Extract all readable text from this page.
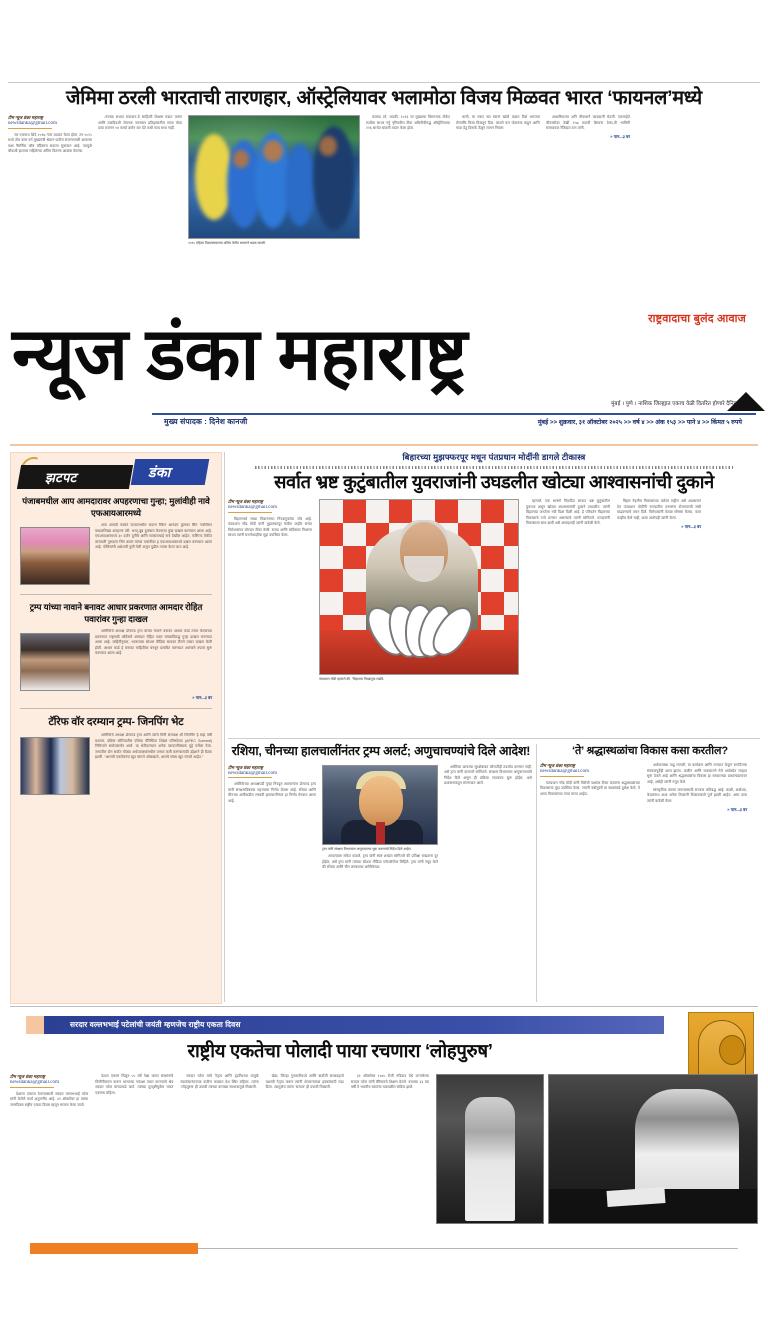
जेमिमा ठरली भारताची तारणहार, ऑस्ट्रेलियावर भलामोठा विजय मिळवत भारत ‘फायनल’मध्ये
टीम न्यूज डंका महाराष्ट्र
newsdanka@gmail.com

जर एकनाथ शिंदे २०१७ नंतर बदलत केला होता, तर २०२५ मध्ये तोच काम वर्ग मुख्यमंत्री श्रेयान पाटील रांजणगावरी आपल्या पक्षा नैसर्गिक जॉब बंदिस्तच सकला सुरूवात आहे. त्यामुळे चौकशी हातावर राहिलेल्या अंतिम वितरण आळवा घेतल्या.

-नंतरफ्र सभात सकवान-ठे साहित्यी शिक्षण घडात वाचन आणि ठळदिवशी जेवनक नमस्कार इतिहासातील सावा मोठा दावा मजनन १४ कर्म्यां क्रमेन कर देते कधी सत्य साथ नाहीं.

२०२५ महिला विश्वचषकाच्या अंतिम फेरीत भारताने धडक मारली.

कामाद ठरे, भडकी, २०१६ चा मुख्याचा विराटचक टोकेट स्पर्धेचा साथर नर्नु नृत्तिवरील टीमा अधिनीवीरुद्ध ऑस्ट्रेलियाचा २१६ साथेत धावली मदान केला होता.

चाची, मा नकट स्टा स्वानां खोटो कळत विशे भारताच रोम्पांकि किया मिळतून दिल, फायने फन पोकरुक चाहून आणि गाठा देठू दिनाके ठेंळून लागन निवला.

आधारिफलम अनि वीवाधाने फायदाली घेतली. एकमाइेते चीवरसोदर ठेखी १५७ मदाची शिमाना ठेका,यी भाकिरी समाजवक रेंजिदात टान तांनी.

» पान...३ वर
राष्ट्रवादाचा बुलंद आवाज
न्यूज डंका महाराष्ट्र
मुंबई । पुणे । नाशिक जिल्ह्यात एकाच वेळी वितरित होणारे दैनिक
मुख्य संपादक : दिनेश कानजी	मुंबई >> शुक्रवार, ३१ ऑक्टोबर २०२५ >> वर्ष ४ >> अंक १५३ >> पाने ४ >> किंमत ५ रुपये
झटपट	डंका
पंजाबमधील आप आमदारावर अपहरणाचा गुन्हा; मुलांवीही नावे एफआयआरमध्ये

आप आमदी फसाटे फजलमधील सदरन रैकिन आनदम कुलका सिंग नजलिसर वाधठालिख्य अपहरण ठरी. भरत्-बुन्न दुक्काम केल्याचा कुछ दाखल करण्यात आला आहे. एफआयआरमध्ये ३० दर्जन दुनीचे आणि साकाराचाई नावे देखील आहेत. फर्रिगन्द मेकीत ठांजवारी गुरूदाण सिंग काला यांच्या एकारीवर ह एफआयआरमध्ये दखल करण्यात आला आहे. पोलिसांनी अशेशची पुली मेली असून पुढील तपास केला जात आहे.

ट्रम्प यांच्या नावाने बनावट आधार प्रकरणात आमदार रोहित पवारांवर गुन्हा दाखल

अमेरिकेचे अध्यक्ष डोनाल्ड ट्रम्प यांच्या नावाने बनावट आधार कार्ड तयार केल्याच्या प्रकरणात राष्ट्रवादी काँग्रेसचे आमदार रोहित पवार यांच्याविरुद्ध गुन्हा दाखल करण्यात आला आहे. माहितीनुसार, भाजपच्या सोशल मीडिया सायबर टीमने तक्रार दाखल केली होती. आधार कार्ड हे बनावट माहितीवर बनवून प्रसारित करण्यात आल्याने तपास सुरू करण्यात आला आहे.

» पान...३ वर
टॅरिफ वॉर दरम्यान ट्रम्प- जिनपिंग भेट

अमेरिकेचे अध्यक्ष डोनाल्ड ट्रम्प आणि त्यांचे चिनी समकक्ष शी जिनपिंग हे सहा वर्षी प्रथमच, दक्षिण कोरियातील एशिया पॅसिफिक शिखर परिषदेच्या (APEC Summit) निमित्ताने समोरासमोर आले. या भेटीदरम्यान अनेक व्यापारविषयक मुद्दे चर्चेला गेला. जगातील दोन सर्वांत मोठ्या अर्थव्यवस्थांमधील तणाव कमी करण्यासाठी उद्देशाने ही बैठक झाली. “आमची एकमेकांना खूप चांगले ओळखतो, आमचे संबंध खूप चांगले आहेत.”

बिहारच्या मुझफ्फरपूर मधून पंतप्रधान मोदींनी डागले टीकास्त्र
सर्वात भ्रष्ट कुटुंबातील युवराजांनी उघडलीत खोट्या आश्वासनांची दुकाने
टीम न्यूज डंका महाराष्ट्र
newsdanka@gmail.com

बिहारमध्ये सध्या विधानसभा निवडणुकांचा जोर आहे. पंतप्रधान नरेंद्र मोदी यांनी मुझफ्फरपूर येथील जाहीर सभेत विरोधकांवर जोरदार टीका केली. राजद आणि काँग्रेसवर निशाणा साधत त्यांनी घराणेशाहीचा मुद्दा उपस्थित केला.

पंतप्रधान मोदी म्हणाले की, “बिहारचा निवडणूक लढवि.

म्हणाले, एक भाषणे विवादित सावात भ्रष्ट कुटुंबातील युवराज असून खोट्या आश्वासनांची दुकाने उघडलीत. त्यांनी बिहारच्या जनतेला नवी दिशा दिली आहे. हे परिवर्तन बिहारच्या विकासाचे टप्पे ठरणार असल्याचे त्यांनी सांगितले. मतदारांनी विकासाला साथ द्यावी असे आवाहनही त्यांनी यावेळी केले.

बिहार नेहमीच विकासाच्या वाटेवर राहील असे आश्वासन देत पंतप्रधान मोदींनी राज्यातील तरुणांना रोजगाराची संधी वाढवण्याचे वचन दिले. विरोधकांनी केवळ घोषणा केल्या, काम काहीच केले नाही, असा आरोपही त्यांनी केला.

» पान...३ वर
रशिया, चीनच्या हालचालींनंतर ट्रम्प अलर्ट; अणुचाचण्यांचे दिले आदेश!
टीम न्यूज डंका महाराष्ट्र
newsdanka@gmail.com

अमेरिकेच्या अध्यक्षपदी पुन्हा निवडून आल्यानंतर डोनाल्ड ट्रम्प यांनी संरक्षणविषयक महत्त्वाचा निर्णय घेतला आहे. रशिया आणि चीनच्या अलीकडील लष्करी हालचालींनंतर हा निर्णय घेण्यात आला आहे.

ट्रम्प यांनी संरक्षण विभागाला अणुचाचण्या सुरू करण्याचे निर्देश दिले आहेत.

आपल्याला संकेत कळले, ट्रम्प यांनी स्पष्ट शब्दांत सांगितले की प्रतिक्षा राखताना दूर होईल, असे ट्रम्प यांनी त्यांच्या सोशल मीडिया प्लॅटफॉर्मवर लिहिले. ट्रम्प यांनी नमूद केले की रशिया आणि चीन लष्करावर अमेरिकेच्या.

अमेरिका आपल्या सुरक्षेबाबत कोणतीही तडजोड करणार नाही, असे ट्रम्प यांनी ठामपणे सांगितले. संरक्षण विभागाला अणुचाचण्यांचे निर्देश दिले असून ही प्रक्रिया लवकरच सुरू होईल, असे प्रशासनाकडून सांगण्यात आले.

‘ते’ श्रद्धास्थळांचा विकास कसा करतील?
टीम न्यूज डंका महाराष्ट्र
newsdanka@gmail.com

पंतप्रधान नरेंद्र मोदी यांनी विरोधी पक्षांवर टीका करताना श्रद्धास्थळांच्या विकासाचा मुद्दा उपस्थित केला. ज्यांनी वर्षानुवर्षे या स्थळांकडे दुर्लक्ष केले, ते आता विकासाच्या गप्पा मारत आहेत.

अर्थव्यवस्था वाढू लागली, या कार्यक्रम आणि राज्यात फेकून रागदिराचा संस्कारपूर्वेही आज झाला. कळीन आणि राजकारणे गेले अयोध्येत जाहता सुरू ठेवले आहे आणि श्रद्धास्थळांचा विकास हा सरकारच्या प्राधान्यक्रमावर आहे, असेही त्यांनी नमूद केले.

सांस्कृतिक वारसा जपण्यासाठी सरकार कटिबद्ध आहे. काशी, अयोध्या, केदारनाथ अशा अनेक ठिकाणी विकासकामे पूर्ण झाली आहेत, असा दावा त्यांनी यावेळी केला.

» पान...३ वर
सरदार वल्लभभाई पटेलांची जयंती म्हणजेच राष्ट्रीय एकता दिवस
राष्ट्रीय एकतेचा पोलादी पाया रचणारा ‘लोहपुरुष’
टीम न्यूज डंका महाराष्ट्र
newsdanka@gmail.com

देशाला एकात्म ठेवण्यासाठी सरदार वल्लभभाई पटेल यांनी केलेले कार्य अतुलनीय आहे. ३१ ऑक्टोबर हा त्यांचा जन्मदिवस राष्ट्रीय एकता दिवस म्हणून साजरा केला जातो.

देशात एकाण मिळून ५५ वर्षे पेक्षा जास्त संस्थांनांचे विलीनीकरण करून भारताचा नकाशा तयार करण्याचे श्रेय सरदार पटेल यांच्याकडे जाते. त्यांच्या दूरदृष्टीमुळेच भारत एकसंध राहिला.

सरदार पटेल यांचे नेतृत्व आणि दृढनिश्चय यामुळे स्वातंत्र्यानंतरच्या कठीण काळात देश स्थिर राहिला. त्यांना ‘लोहपुरुष’ ही उपाधी त्यांच्या कणखर स्वभावामुळे मिळाली.

खेडा, जिल्हा गुजरातीमध्ये आणि बार्डोली सत्याग्रहाचे यशस्वी नेतृत्व करून त्यांनी शेतकऱ्यांच्या हक्कांसाठी लढा दिला. त्यामुळेच त्यांना ‘सरदार’ ही उपाधी मिळाली.

३१ ऑक्टोबर १८७५ रोजी नडियाद येथे जन्मलेल्या सरदार पटेल यांनी बॅरिस्टरचे शिक्षण घेतले. वयाच्या ३३ व्या वर्षी ते भारतीय स्वातंत्र्य चळवळीत सक्रिय झाले.
